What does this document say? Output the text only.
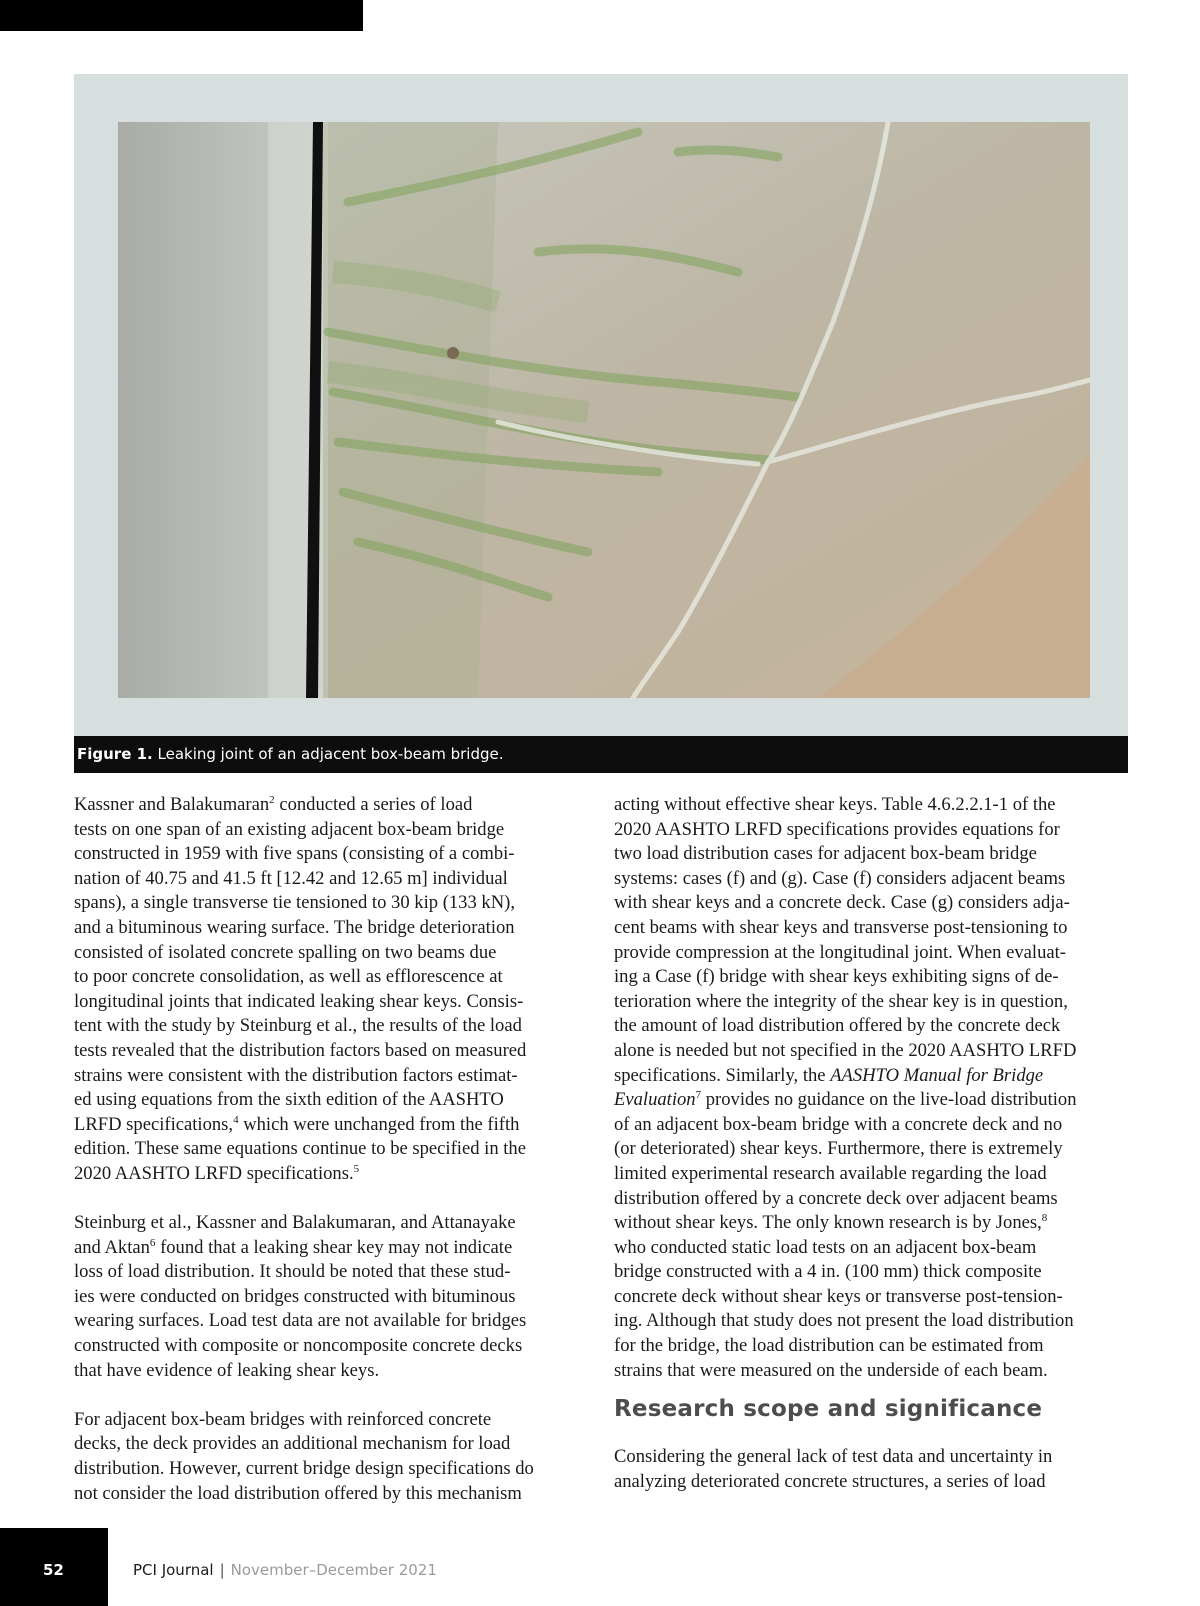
Figure 1. Leaking joint of an adjacent box-beam bridge.

Kassner and Balakumaran$^2$ conducted a series of load
tests on one span of an existing adjacent box-beam bridge
constructed in 1959 with five spans (consisting of a combi-
nation of 40.75 and 41.5 ft [12.42 and 12.65 m] individual
spans), a single transverse tie tensioned to 30 kip (133 kN),
and a bituminous wearing surface. The bridge deterioration
consisted of isolated concrete spalling on two beams due
to poor concrete consolidation, as well as efflorescence at
longitudinal joints that indicated leaking shear keys. Consis-
tent with the study by Steinburg et al., the results of the load
tests revealed that the distribution factors based on measured
strains were consistent with the distribution factors estimat-
ed using equations from the sixth edition of the AASHTO
LRFD specifications,$^4$ which were unchanged from the fifth
edition. These same equations continue to be specified in the
2020 AASHTO LRFD specifications.$^5$

Steinburg et al., Kassner and Balakumaran, and Attanayake
and Aktan$^6$ found that a leaking shear key may not indicate
loss of load distribution. It should be noted that these stud-
ies were conducted on bridges constructed with bituminous
wearing surfaces. Load test data are not available for bridges
constructed with composite or noncomposite concrete decks
that have evidence of leaking shear keys.

For adjacent box-beam bridges with reinforced concrete
decks, the deck provides an additional mechanism for load
distribution. However, current bridge design specifications do
not consider the load distribution offered by this mechanism

acting without effective shear keys. Table 4.6.2.2.1-1 of the
2020 AASHTO LRFD specifications provides equations for
two load distribution cases for adjacent box-beam bridge
systems: cases (f) and (g). Case (f) considers adjacent beams
with shear keys and a concrete deck. Case (g) considers adja-
cent beams with shear keys and transverse post-tensioning to
provide compression at the longitudinal joint. When evaluat-
ing a Case (f) bridge with shear keys exhibiting signs of de-
terioration where the integrity of the shear key is in question,
the amount of load distribution offered by the concrete deck
alone is needed but not specified in the 2020 AASHTO LRFD
specifications. Similarly, the AASHTO Manual for Bridge
Evaluation$^7$ provides no guidance on the live-load distribution
of an adjacent box-beam bridge with a concrete deck and no
(or deteriorated) shear keys. Furthermore, there is extremely
limited experimental research available regarding the load
distribution offered by a concrete deck over adjacent beams
without shear keys. The only known research is by Jones,$^8$
who conducted static load tests on an adjacent box-beam
bridge constructed with a 4 in. (100 mm) thick composite
concrete deck without shear keys or transverse post-tension-
ing. Although that study does not present the load distribution
for the bridge, the load distribution can be estimated from
strains that were measured on the underside of each beam.

Research scope and significance

Considering the general lack of test data and uncertainty in
analyzing deteriorated concrete structures, a series of load

52	PCI Journal | November–December 2021
